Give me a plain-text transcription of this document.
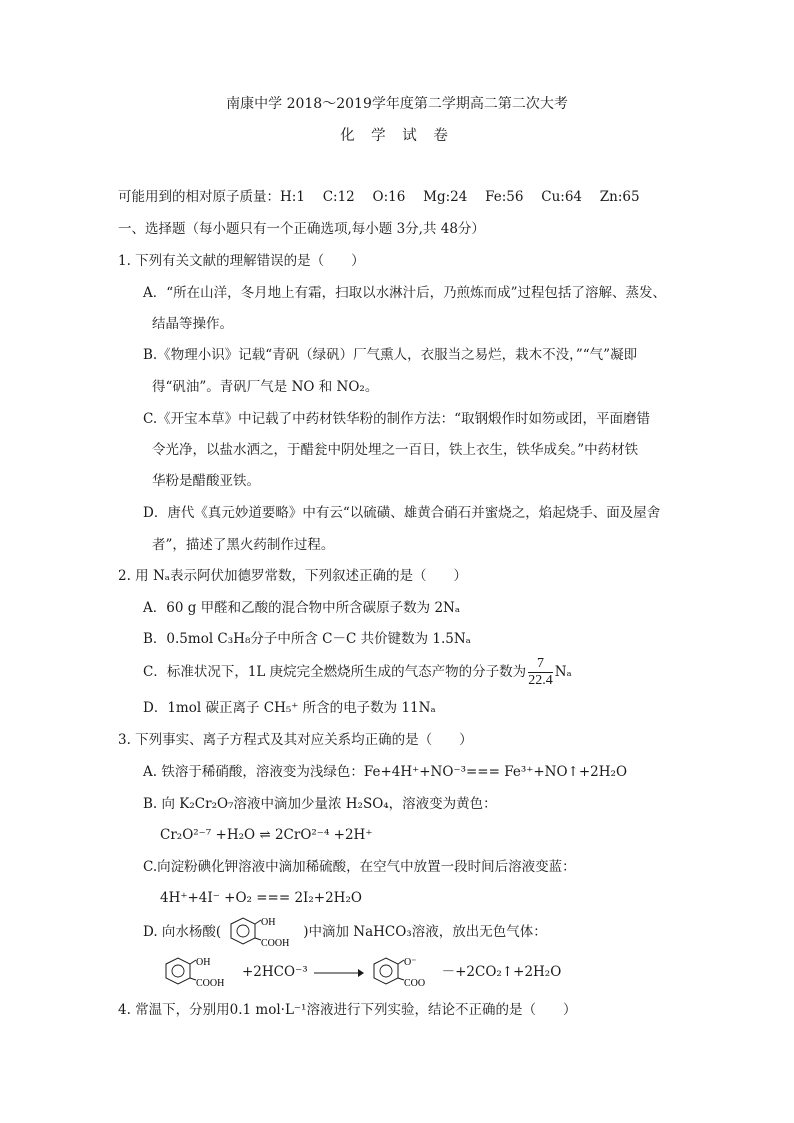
南康中学 2018～2019学年度第二学期高二第二次大考
化 学 试 卷
可能用到的相对原子质量：H:1　 C:12　 O:16　 Mg:24　 Fe:56　 Cu:64　 Zn:65
一、选择题（每小题只有一个正确选项,每小题 3分,共 48分）
1. 下列有关文献的理解错误的是（　　）
A．“所在山洋，冬月地上有霜，扫取以水淋汁后，乃煎炼而成”过程包括了溶解、蒸发、
结晶等操作。
B.《物理小识》记载“青矾（绿矾）厂气熏人，衣服当之易烂，栽木不没，”“气”凝即
得“矾油”。青矾厂气是 NO 和 NO₂。
C.《开宝本草》中记载了中药材铁华粉的制作方法：“取钢煅作时如笏或团，平面磨错
令光净，以盐水洒之，于醋瓮中阴处埋之一百日，铁上衣生，铁华成矣。”中药材铁
华粉是醋酸亚铁。
D．唐代《真元妙道要略》中有云“以硫磺、雄黄合硝石并蜜烧之，焰起烧手、面及屋舍
者”，描述了黑火药制作过程。
2. 用 Nₐ表示阿伏加德罗常数，下列叙述正确的是（　　）
A．60 g 甲醛和乙酸的混合物中所含碳原子数为 2Nₐ
B．0.5mol C₃H₈分子中所含 C－C 共价键数为 1.5Nₐ
C．标准状况下，1L 庚烷完全燃烧所生成的气态产物的分子数为 $\frac{7}{22.4}$ Nₐ
D．1mol 碳正离子 CH₅⁺ 所含的电子数为 11Nₐ
3. 下列事实、离子方程式及其对应关系均正确的是（　　）
A. 铁溶于稀硝酸，溶液变为浅绿色：Fe+4H⁺+NO⁻³=== Fe³⁺+NO↑+2H₂O
B. 向 K₂Cr₂O₇溶液中滴加少量浓 H₂SO₄，溶液变为黄色：
Cr₂O²⁻⁷ +H₂O ⇌ 2CrO²⁻⁴ +2H⁺
C.向淀粉碘化钾溶液中滴加稀硫酸，在空气中放置一段时间后溶液变蓝：
4H⁺+4I⁻ +O₂ === 2I₂+2H₂O
D. 向水杨酸(
OH
COOH
)中滴加 NaHCO₃溶液，放出无色气体：
OH
COOH
+2HCO⁻³ →
O⁻
COO
－+2CO₂↑+2H₂O
4. 常温下，分别用0.1 mol·L⁻¹溶液进行下列实验，结论不正确的是（　　）
